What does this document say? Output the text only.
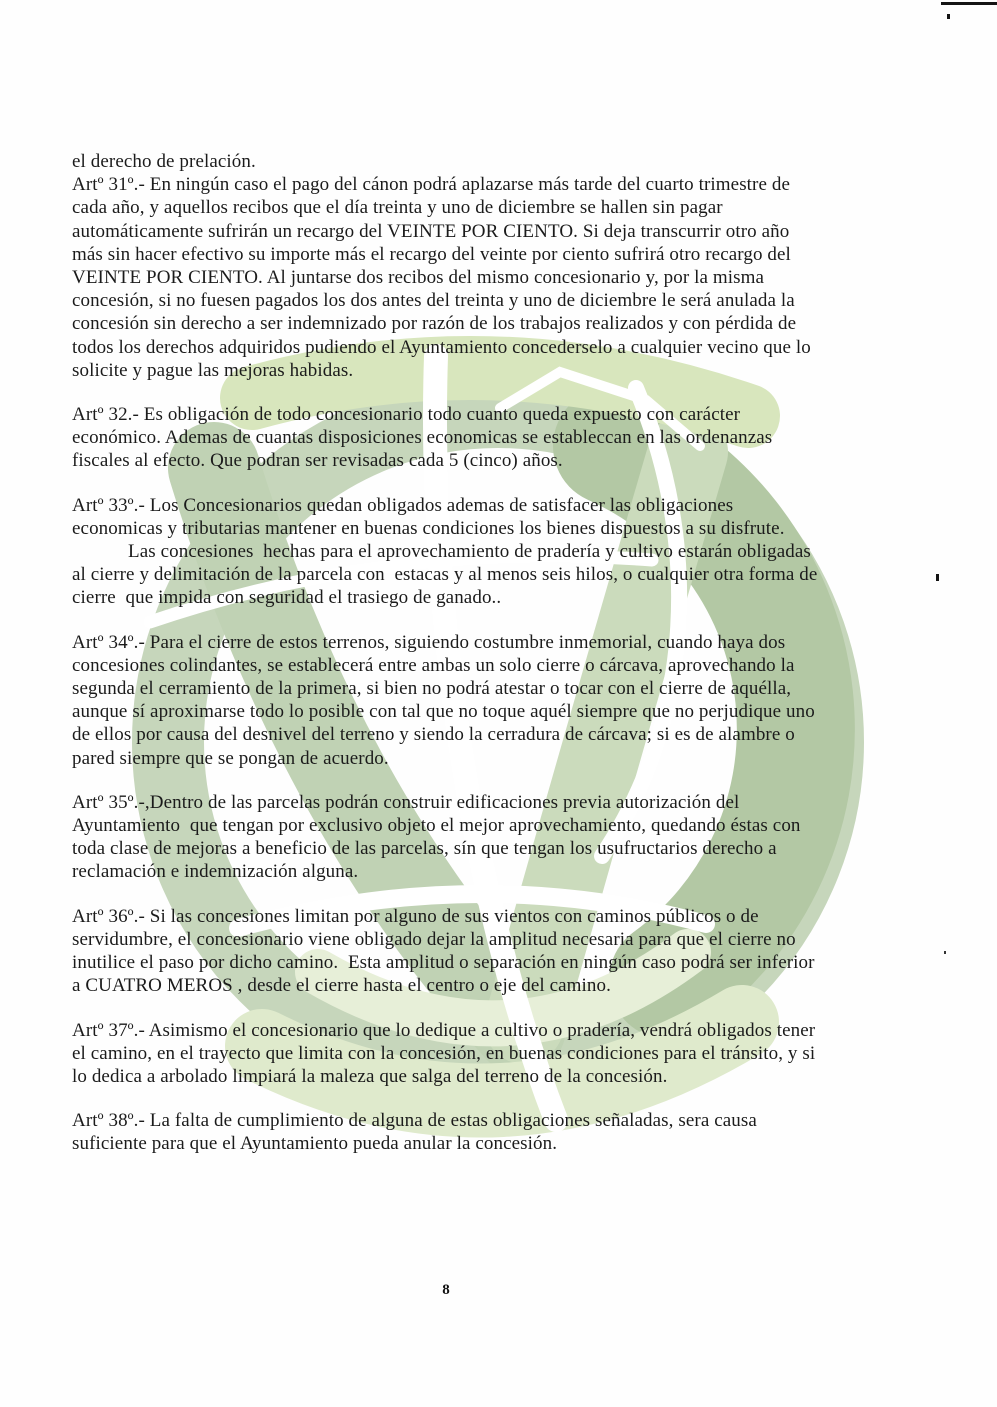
el derecho de prelación.

Artº 31º.- En ningún caso el pago del cánon podrá aplazarse más tarde del cuarto trimestre de cada año, y aquellos recibos que el día treinta y uno de diciembre se hallen sin pagar automáticamente sufrirán un recargo del VEINTE POR CIENTO. Si deja transcurrir otro año más sin hacer efectivo su importe más el recargo del veinte por ciento sufrirá otro recargo del VEINTE POR CIENTO. Al juntarse dos recibos del mismo concesionario y, por la misma concesión, si no fuesen pagados los dos antes del treinta y uno de diciembre le será anulada la concesión sin derecho a ser indemnizado por razón de los trabajos realizados y con pérdida de todos los derechos adquiridos pudiendo el Ayuntamiento concederselo a cualquier vecino que lo solicite y pague las mejoras habidas.

Artº 32.- Es obligación de todo concesionario todo cuanto queda expuesto con carácter económico. Ademas de cuantas disposiciones economicas se estableccan en las ordenanzas fiscales al efecto. Que podran ser revisadas cada 5 (cinco) años.

Artº 33º.- Los Concesionarios quedan obligados ademas de satisfacer las obligaciones economicas y tributarias mantener en buenas condiciones los bienes dispuestos a su disfrute.

Las concesiones  hechas para el aprovechamiento de pradería y cultivo estarán obligadas al cierre y delimitación de la parcela con  estacas y al menos seis hilos, o cualquier otra forma de cierre  que impida con seguridad el trasiego de ganado..

Artº 34º.- Para el cierre de estos terrenos, siguiendo costumbre inmemorial, cuando haya dos concesiones colindantes, se establecerá entre ambas un solo cierre o cárcava, aprovechando la segunda el cerramiento de la primera, si bien no podrá atestar o tocar con el cierre de aquélla, aunque sí aproximarse todo lo posible con tal que no toque aquél siempre que no perjudique uno de ellos por causa del desnivel del terreno y siendo la cerradura de cárcava; si es de alambre o pared siempre que se pongan de acuerdo.

Artº 35º.-,Dentro de las parcelas podrán construir edificaciones previa autorización del Ayuntamiento  que tengan por exclusivo objeto el mejor aprovechamiento, quedando éstas con toda clase de mejoras a beneficio de las parcelas, sín que tengan los usufructarios derecho a reclamación e indemnización alguna.

Artº 36º.- Si las concesiones limitan por alguno de sus vientos con caminos públicos o de servidumbre, el concesionario viene obligado dejar la amplitud necesaria para que el cierre no inutilice el paso por dicho camino.  Esta amplitud o separación en ningún caso podrá ser inferior a CUATRO MEROS , desde el cierre hasta el centro o eje del camino.

Artº 37º.- Asimismo el concesionario que lo dedique a cultivo o pradería, vendrá obligados tener el camino, en el trayecto que limita con la concesión, en buenas condiciones para el tránsito, y si lo dedica a arbolado limpiará la maleza que salga del terreno de la concesión.

Artº 38º.- La falta de cumplimiento de alguna de estas obligaciones señaladas, sera causa suficiente para que el Ayuntamiento pueda anular la concesión.

8
